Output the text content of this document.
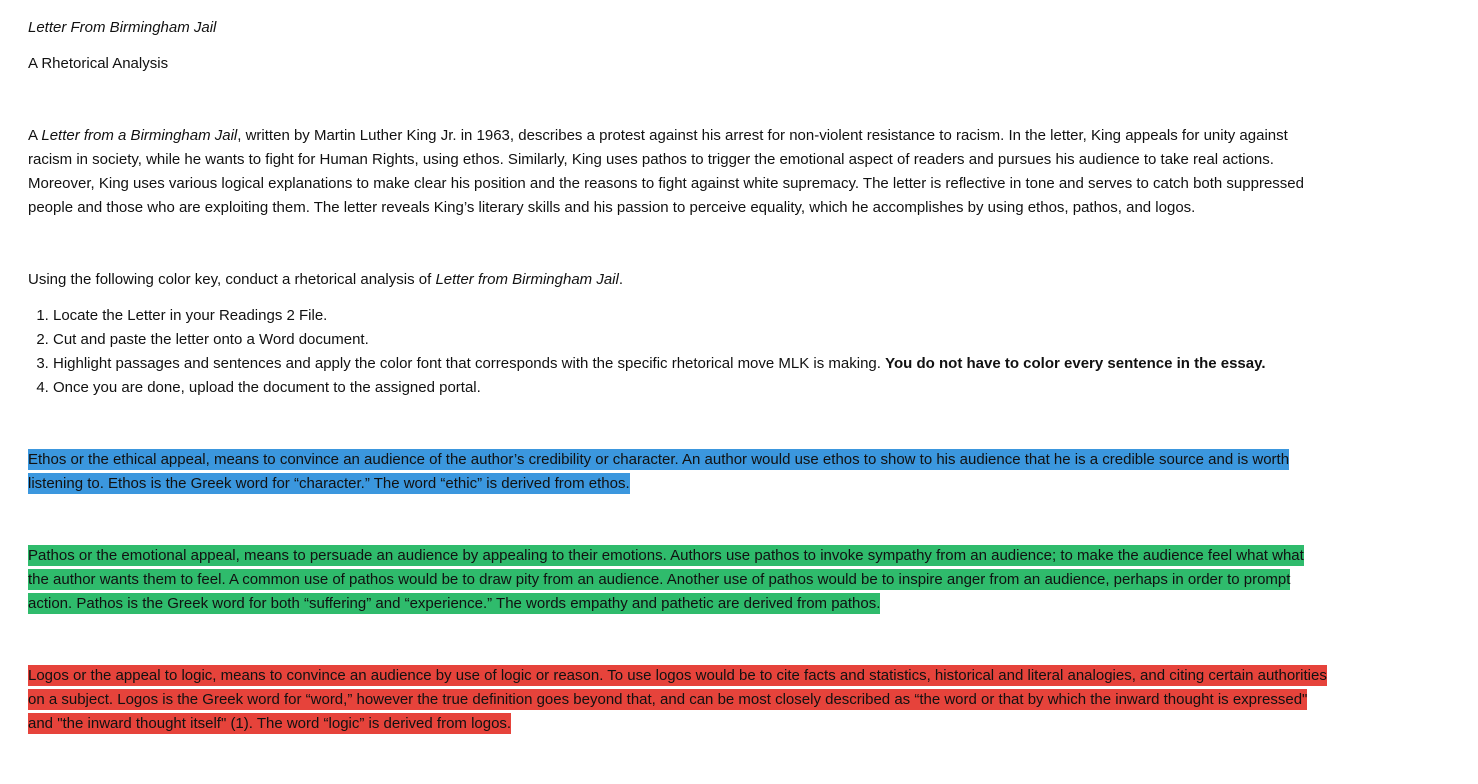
Letter From Birmingham Jail

A Rhetorical Analysis

A Letter from a Birmingham Jail, written by Martin Luther King Jr. in 1963, describes a protest against his arrest for non-violent resistance to racism. In the letter, King appeals for unity against racism in society, while he wants to fight for Human Rights, using ethos. Similarly, King uses pathos to trigger the emotional aspect of readers and pursues his audience to take real actions. Moreover, King uses various logical explanations to make clear his position and the reasons to fight against white supremacy. The letter is reflective in tone and serves to catch both suppressed people and those who are exploiting them. The letter reveals King’s literary skills and his passion to perceive equality, which he accomplishes by using ethos, pathos, and logos.

Using the following color key, conduct a rhetorical analysis of Letter from Birmingham Jail.

1. Locate the Letter in your Readings 2 File.
2. Cut and paste the letter onto a Word document.
3. Highlight passages and sentences and apply the color font that corresponds with the specific rhetorical move MLK is making. You do not have to color every sentence in the essay.
4. Once you are done, upload the document to the assigned portal.

Ethos or the ethical appeal, means to convince an audience of the author’s credibility or character. An author would use ethos to show to his audience that he is a credible source and is worth listening to. Ethos is the Greek word for “character.” The word “ethic” is derived from ethos.

Pathos or the emotional appeal, means to persuade an audience by appealing to their emotions. Authors use pathos to invoke sympathy from an audience; to make the audience feel what what the author wants them to feel. A common use of pathos would be to draw pity from an audience. Another use of pathos would be to inspire anger from an audience, perhaps in order to prompt action. Pathos is the Greek word for both “suffering” and “experience.” The words empathy and pathetic are derived from pathos.

Logos or the appeal to logic, means to convince an audience by use of logic or reason. To use logos would be to cite facts and statistics, historical and literal analogies, and citing certain authorities on a subject. Logos is the Greek word for “word,” however the true definition goes beyond that, and can be most closely described as “the word or that by which the inward thought is expressed" and "the inward thought itself" (1). The word “logic” is derived from logos.
